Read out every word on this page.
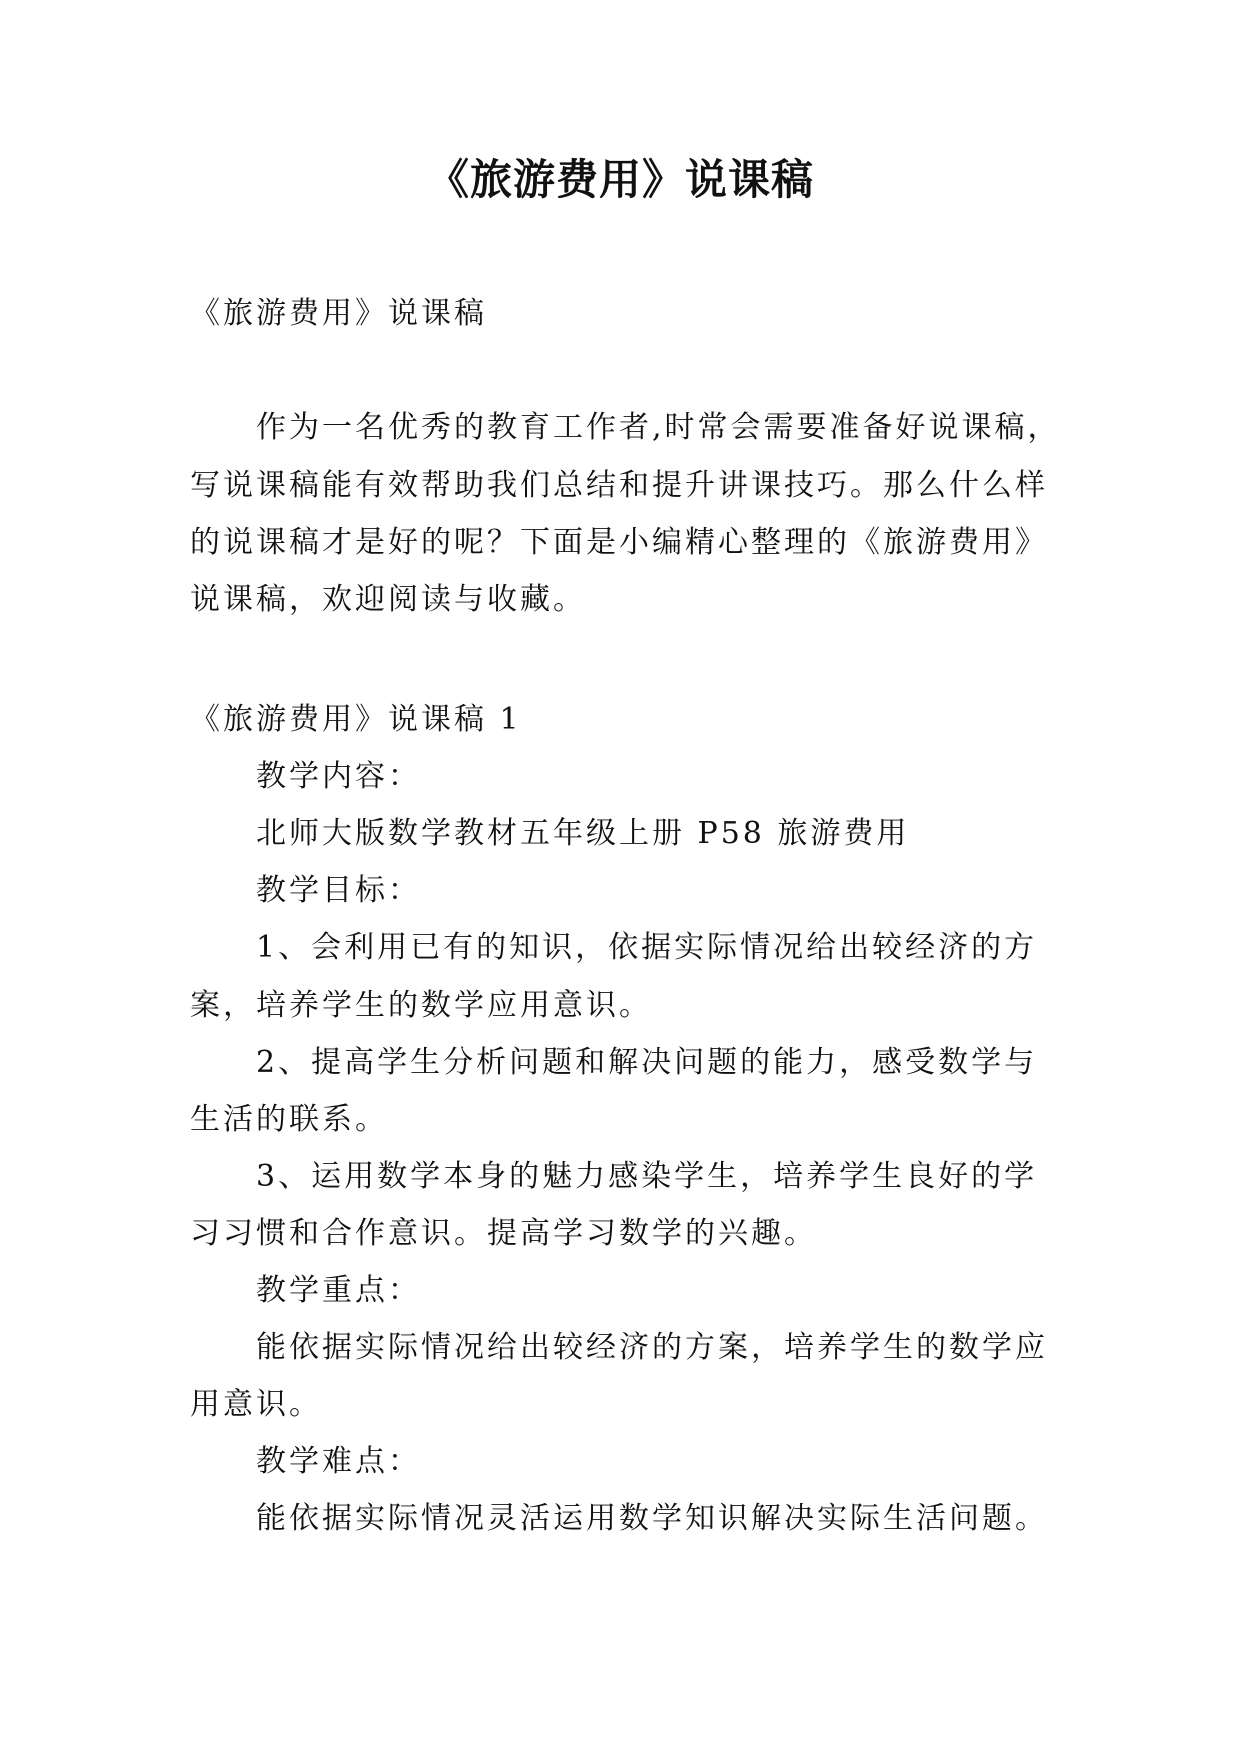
《旅游费用》说课稿
《旅游费用》说课稿
作为一名优秀的教育工作者,时常会需要准备好说课稿，
写说课稿能有效帮助我们总结和提升讲课技巧。那么什么样
的说课稿才是好的呢？下面是小编精心整理的《旅游费用》
说课稿，欢迎阅读与收藏。
《旅游费用》说课稿 1
教学内容：
北师大版数学教材五年级上册 P58 旅游费用
教学目标：
1、会利用已有的知识，依据实际情况给出较经济的方
案，培养学生的数学应用意识。
2、提高学生分析问题和解决问题的能力，感受数学与
生活的联系。
3、运用数学本身的魅力感染学生，培养学生良好的学
习习惯和合作意识。提高学习数学的兴趣。
教学重点：
能依据实际情况给出较经济的方案，培养学生的数学应
用意识。
教学难点：
能依据实际情况灵活运用数学知识解决实际生活问题。
